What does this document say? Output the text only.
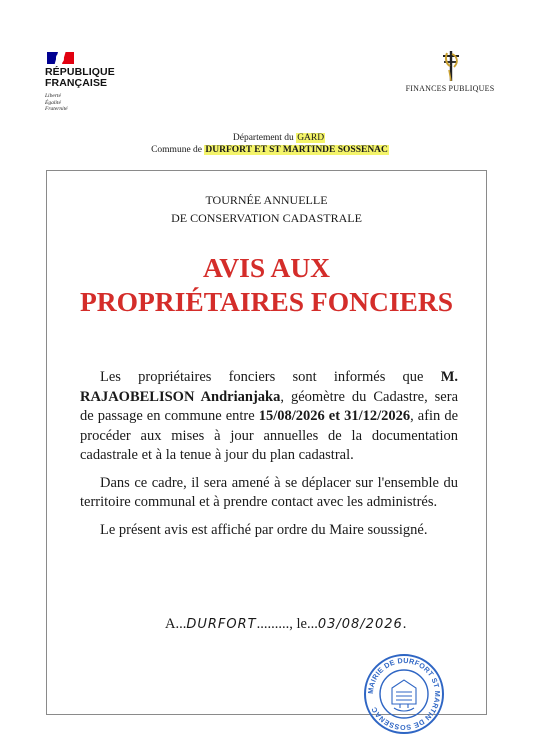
RÉPUBLIQUE
FRANÇAISE
Liberté
Égalité
Fraternité
FINANCES PUBLIQUES
Département du GARD
Commune de DURFORT ET ST MARTINDE SOSSENAC
TOURNÉE ANNUELLE
DE CONSERVATION CADASTRALE
AVIS AUX
PROPRIÉTAIRES FONCIERS

Les propriétaires fonciers sont informés que M. RAJAOBELISON Andrianjaka, géomètre du Cadastre, sera de passage en commune entre 15/08/2026 et 31/12/2026, afin de procéder aux mises à jour annuelles de la documentation cadastrale et à la tenue à jour du plan cadastral.

Dans ce cadre, il sera amené à se déplacer sur l'ensemble du territoire communal et à prendre contact avec les administrés.

Le présent avis est affiché par ordre du Maire soussigné.

A...DURFORT........., le...03/08/2026.
MAIRIE DE DURFORT ST MARTIN DE SOSSENAC
